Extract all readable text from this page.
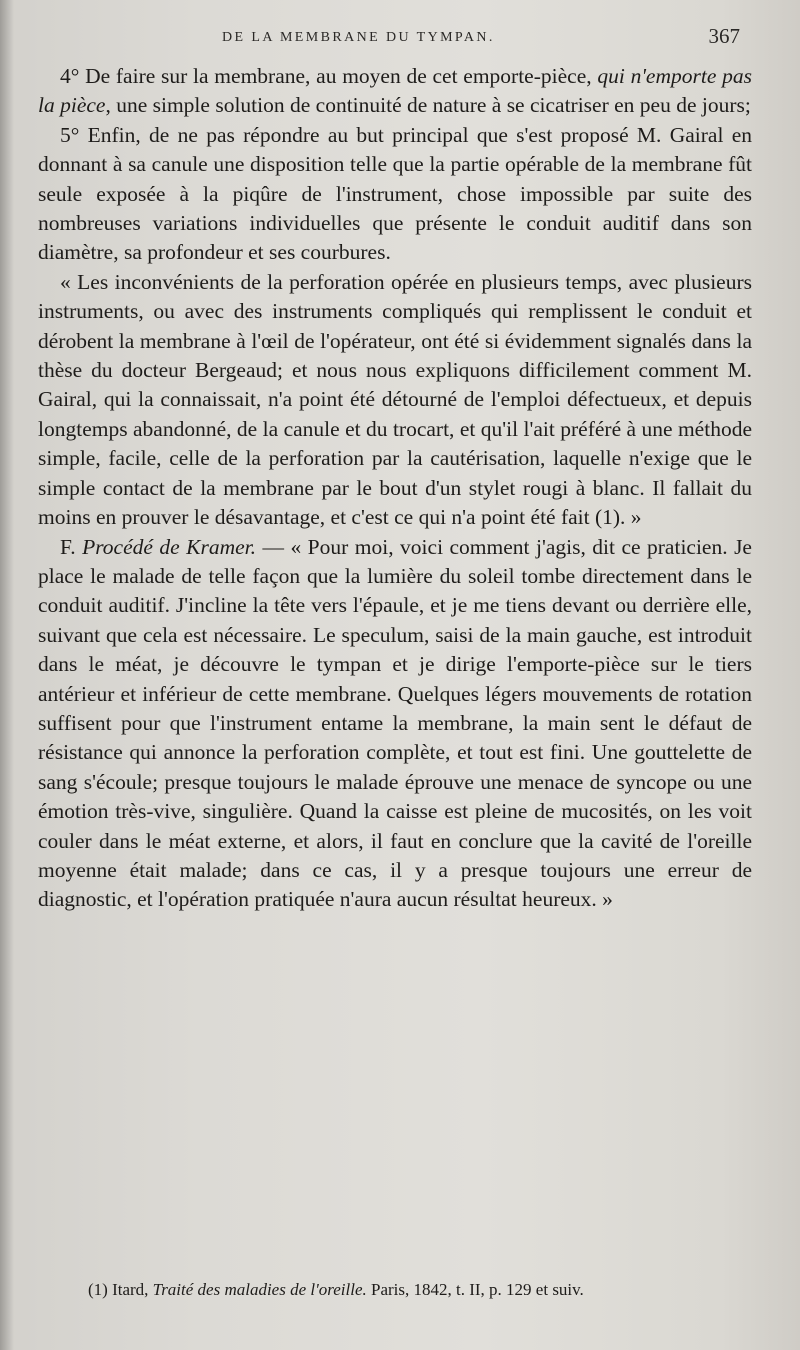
DE LA MEMBRANE DU TYMPAN.	367

4° De faire sur la membrane, au moyen de cet emporte-pièce, qui n'emporte pas la pièce, une simple solution de continuité de nature à se cicatriser en peu de jours;

5° Enfin, de ne pas répondre au but principal que s'est proposé M. Gairal en donnant à sa canule une disposition telle que la partie opérable de la membrane fût seule exposée à la piqûre de l'instrument, chose impossible par suite des nombreuses variations individuelles que présente le conduit auditif dans son diamètre, sa profondeur et ses courbures.

« Les inconvénients de la perforation opérée en plusieurs temps, avec plusieurs instruments, ou avec des instruments compliqués qui remplissent le conduit et dérobent la membrane à l'œil de l'opérateur, ont été si évidemment signalés dans la thèse du docteur Bergeaud; et nous nous expliquons difficilement comment M. Gairal, qui la connaissait, n'a point été détourné de l'emploi défectueux, et depuis longtemps abandonné, de la canule et du trocart, et qu'il l'ait préféré à une méthode simple, facile, celle de la perforation par la cautérisation, laquelle n'exige que le simple contact de la membrane par le bout d'un stylet rougi à blanc. Il fallait du moins en prouver le désavantage, et c'est ce qui n'a point été fait (1). »

F. Procédé de Kramer. — « Pour moi, voici comment j'agis, dit ce praticien. Je place le malade de telle façon que la lumière du soleil tombe directement dans le conduit auditif. J'incline la tête vers l'épaule, et je me tiens devant ou derrière elle, suivant que cela est nécessaire. Le speculum, saisi de la main gauche, est introduit dans le méat, je découvre le tympan et je dirige l'emporte-pièce sur le tiers antérieur et inférieur de cette membrane. Quelques légers mouvements de rotation suffisent pour que l'instrument entame la membrane, la main sent le défaut de résistance qui annonce la perforation complète, et tout est fini. Une gouttelette de sang s'écoule; presque toujours le malade éprouve une menace de syncope ou une émotion très-vive, singulière. Quand la caisse est pleine de mucosités, on les voit couler dans le méat externe, et alors, il faut en conclure que la cavité de l'oreille moyenne était malade; dans ce cas, il y a presque toujours une erreur de diagnostic, et l'opération pratiquée n'aura aucun résultat heureux. »

(1) Itard, Traité des maladies de l'oreille. Paris, 1842, t. II, p. 129 et suiv.
